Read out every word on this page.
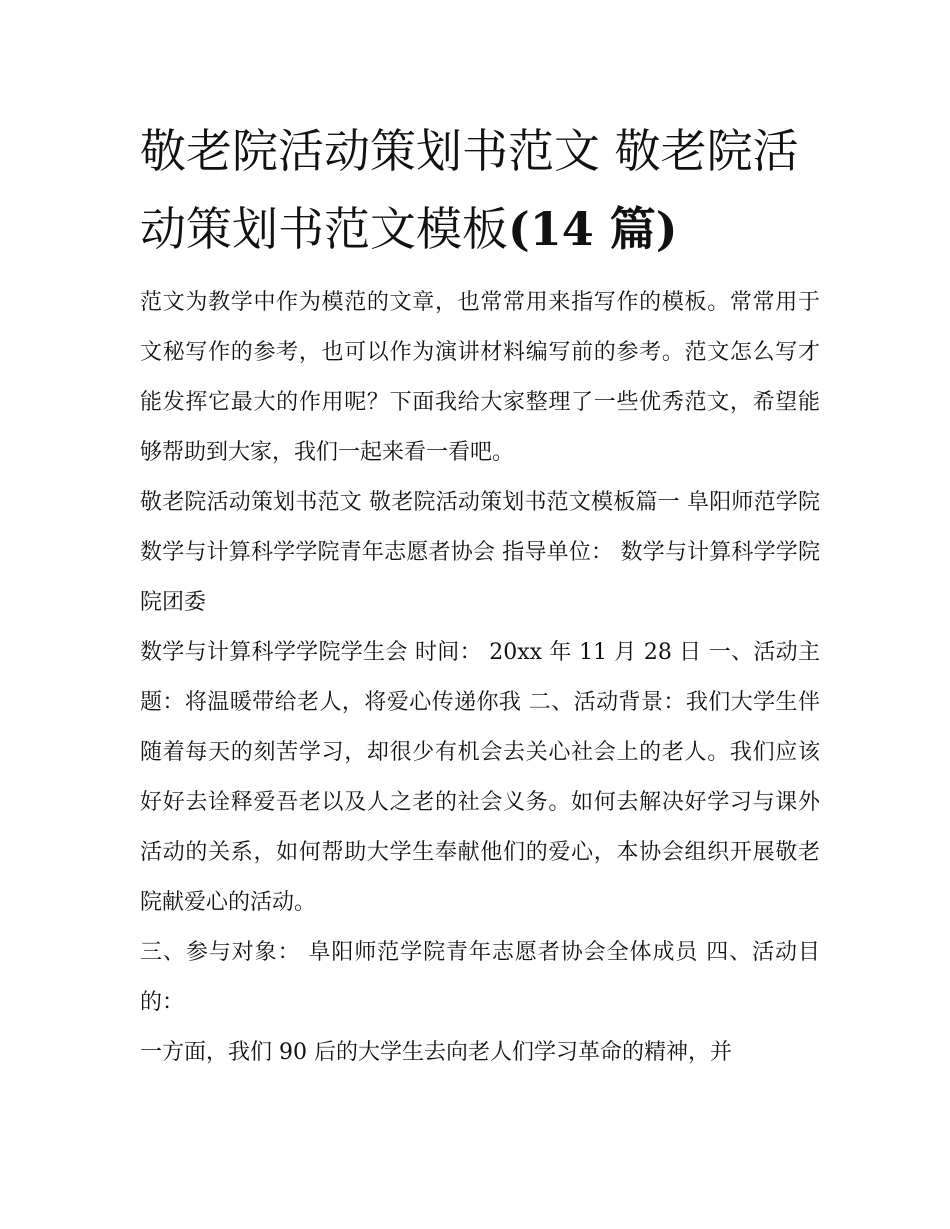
敬老院活动策划书范文 敬老院活动策划书范文模板(14 篇)

范文为教学中作为模范的文章，也常常用来指写作的模板。常常用于文秘写作的参考，也可以作为演讲材料编写前的参考。范文怎么写才能发挥它最大的作用呢？下面我给大家整理了一些优秀范文，希望能够帮助到大家，我们一起来看一看吧。

敬老院活动策划书范文 敬老院活动策划书范文模板篇一 阜阳师范学院数学与计算科学学院青年志愿者协会 指导单位： 数学与计算科学学院院团委

数学与计算科学学院学生会 时间： 20xx 年 11 月 28 日 一、活动主题：将温暖带给老人，将爱心传递你我 二、活动背景：我们大学生伴随着每天的刻苦学习，却很少有机会去关心社会上的老人。我们应该好好去诠释爱吾老以及人之老的社会义务。如何去解决好学习与课外活动的关系，如何帮助大学生奉献他们的爱心，本协会组织开展敬老院献爱心的活动。

三、参与对象： 阜阳师范学院青年志愿者协会全体成员 四、活动目的：

一方面，我们 90 后的大学生去向老人们学习革命的精神，并
